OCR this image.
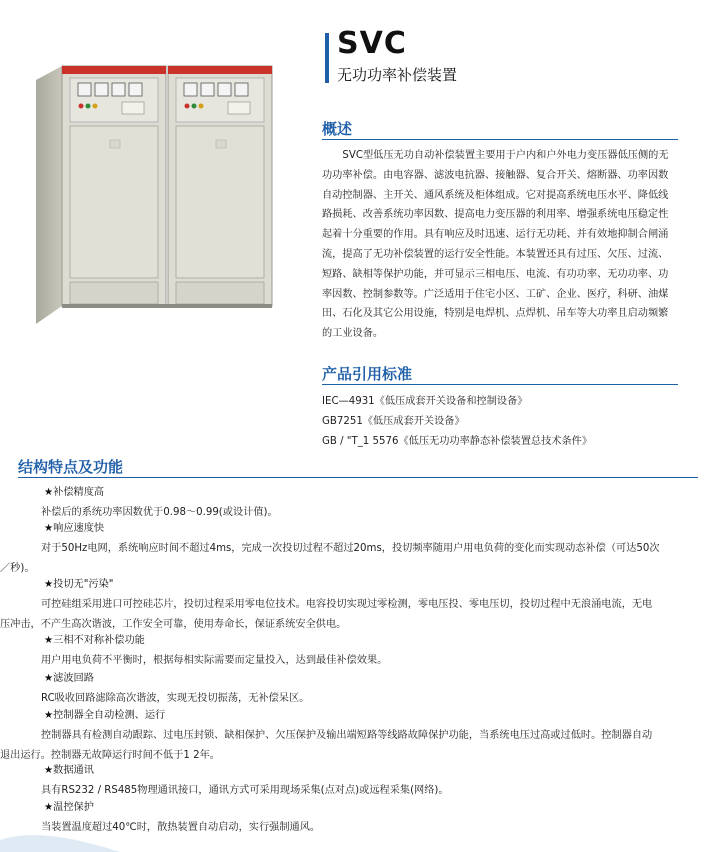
SVC
无功功率补偿装置
概述

SVC型低压无功自动补偿装置主要用于户内和户外电力变压器低压侧的无功功率补偿。由电容器、滤波电抗器、接触器、复合开关、熔断器、功率因数自动控制器、主开关、通风系统及柜体组成。它对提高系统电压水平、降低线路损耗、改善系统功率因数、提高电力变压器的利用率、增强系统电压稳定性起着十分重要的作用。具有响应及时迅速、运行无功耗、并有效地抑制合闸涌流，提高了无功补偿装置的运行安全性能。本装置还具有过压、欠压、过流、短路、缺相等保护功能，并可显示三相电压、电流、有功功率、无功功率、功率因数、控制参数等。广泛适用于住宅小区、工矿、企业、医疗，科研、油煤田、石化及其它公用设施，特别是电焊机、点焊机、吊车等大功率且启动频繁的工业设备。

产品引用标准
IEC—4931《低压成套开关设备和控制设备》
GB7251《低压成套开关设备》
GB / "T_1 5576《低压无功功率静态补偿装置总技术条件》
结构特点及功能
★补偿精度高
补偿后的系统功率因数优于0.98～0.99(或设计值)。
★响应速度快
对于50Hz电网，系统响应时间不超过4ms，完成一次投切过程不超过20ms，投切频率随用户用电负荷的变化而实现动态补偿（可达50次／秒)。
★投切无"污染"
可控硅组采用进口可控硅芯片，投切过程采用零电位技术。电容投切实现过零检测，零电压投、零电压切，投切过程中无浪涌电流，无电压冲击，不产生高次谐波，工作安全可靠，使用寿命长，保证系统安全供电。
★三相不对称补偿功能
用户用电负荷不平衡时，根据每相实际需要而定量投入，达到最佳补偿效果。
★滤波回路
RC吸收回路滤除高次谐波，实现无投切振荡，无补偿呆区。
★控制器全自动检测、运行
控制器具有检测自动跟踪、过电压封锁、缺相保护、欠压保护及输出端短路等线路故障保护功能，当系统电压过高或过低时。控制器自动退出运行。控制器无故障运行时间不低于1 2年。
★数据通讯
具有RS232 / RS485物理通讯接口，通讯方式可采用现场采集(点对点)或远程采集(网络)。
★温控保护
当装置温度超过40℃时，散热装置自动启动，实行强制通风。
